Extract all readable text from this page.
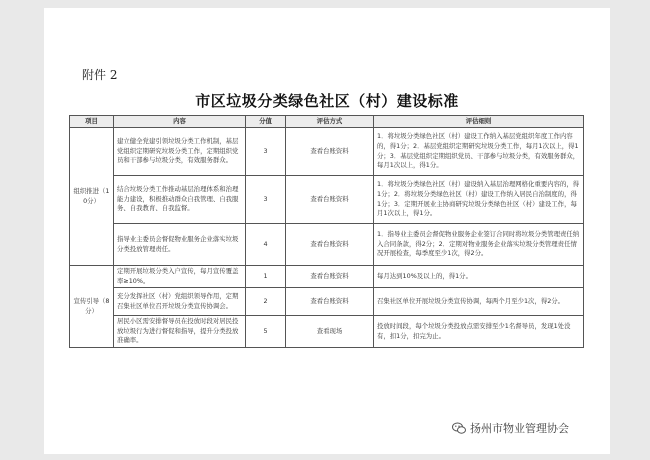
附件 2
市区垃圾分类绿色社区（村）建设标准
项目	内容	分值	评估方式	评估细则
组织推进（10分）	建立健全党建引领垃圾分类工作机制，基层党组织定期研究垃圾分类工作，定期组织党员和干部参与垃圾分类，有效服务群众。	3	查看台账资料	1．将垃圾分类绿色社区（村）建设工作纳入基层党组织年度工作内容的，得1分；2．基层党组织定期研究垃圾分类工作，每月1次以上，得1分；3．基层党组织定期组织党员、干部参与垃圾分类，有效服务群众，每月1次以上，得1分。
	结合垃圾分类工作推动基层治理体系和治理能力建设，积极推动群众自我管理、自我服务、自我教育、自我监督。	3	查看台账资料	1．将垃圾分类绿色社区（村）建设纳入基层治理网格化重要内容的，得1分；2．将垃圾分类绿色社区（村）建设工作纳入居民自治制度的，得1分；3．定期开展业主协商研究垃圾分类绿色社区（村）建设工作，每月1次以上，得1分。
	指导业主委员会督促物业服务企业落实垃圾分类投放管理责任。	4	查看台账资料	1．指导业主委员会督促物业服务企业签订合同时将垃圾分类管理责任纳入合同条款，得2分；2．定期对物业服务企业落实垃圾分类管理责任情况开展检查，每季度至少1次，得2分。
宣传引导（8分）	定期开展垃圾分类入户宣传，每月宣传覆盖率≥10%。	1	查看台账资料	每月达到10%及以上的，得1分。
	充分发挥社区（村）党组织领导作用，定期召集社区单位召开垃圾分类宣传协调会。	2	查看台账资料	召集社区单位开展垃圾分类宣传协调，每两个月至少1次，得2分。
	居民小区需安排督导员在投放时段对居民投放垃圾行为进行督促和指导，提升分类投放准确率。	5	查看现场	投放时间段，每个垃圾分类投放点需安排至少1名督导员，发现1处没有，扣1分，扣完为止。
扬州市物业管理协会
